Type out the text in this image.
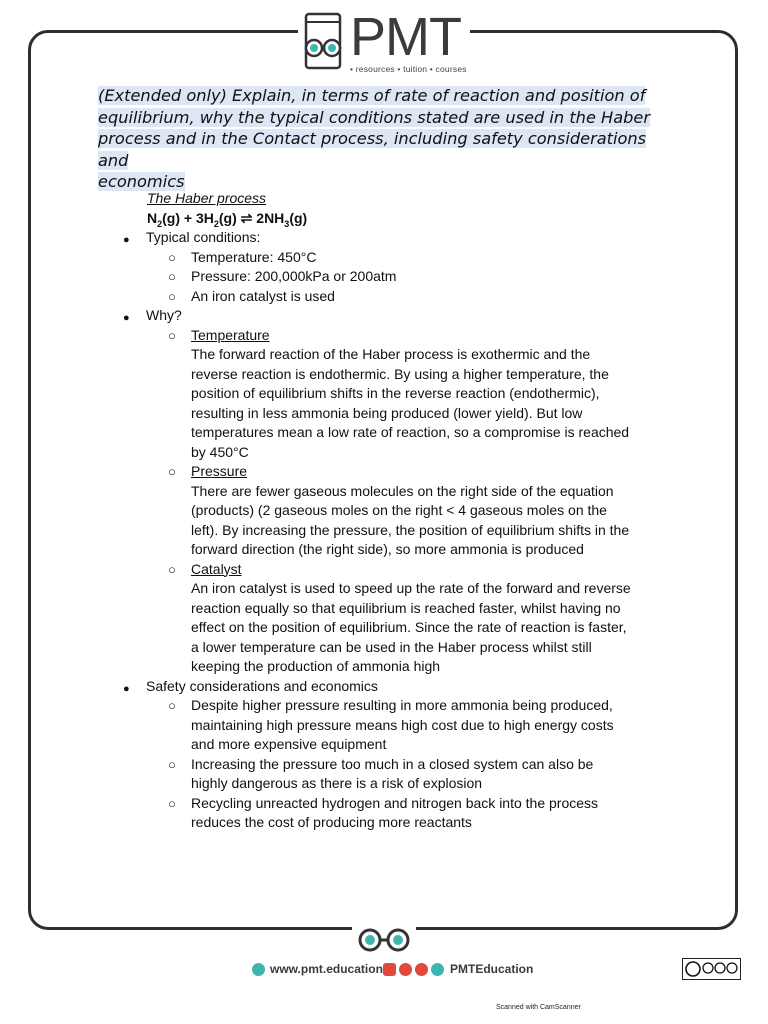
PMT
• resources • tuition • courses
(Extended only) Explain, in terms of rate of reaction and position of
equilibrium, why the typical conditions stated are used in the Haber
process and in the Contact process, including safety considerations and
economics
The Haber process
$N_2(g) + 3H_2(g)$ ⇌ $2NH_3(g)$
● Typical conditions:
○ Temperature: 450°C
○ Pressure: 200,000kPa or 200atm
○ An iron catalyst is used
● Why?
○ Temperature
The forward reaction of the Haber process is exothermic and the
reverse reaction is endothermic. By using a higher temperature, the
position of equilibrium shifts in the reverse reaction (endothermic),
resulting in less ammonia being produced (lower yield). But low
temperatures mean a low rate of reaction, so a compromise is reached
by 450°C
○ Pressure
There are fewer gaseous molecules on the right side of the equation
(products) (2 gaseous moles on the right < 4 gaseous moles on the
left). By increasing the pressure, the position of equilibrium shifts in the
forward direction (the right side), so more ammonia is produced
○ Catalyst
An iron catalyst is used to speed up the rate of the forward and reverse
reaction equally so that equilibrium is reached faster, whilst having no
effect on the position of equilibrium. Since the rate of reaction is faster,
a lower temperature can be used in the Haber process whilst still
keeping the production of ammonia high
● Safety considerations and economics
○ Despite higher pressure resulting in more ammonia being produced,
maintaining high pressure means high cost due to high energy costs
and more expensive equipment
○ Increasing the pressure too much in a closed system can also be
highly dangerous as there is a risk of explosion
○ Recycling unreacted hydrogen and nitrogen back into the process
reduces the cost of producing more reactants
www.pmt.education	PMTEducation
Scanned with CamScanner
